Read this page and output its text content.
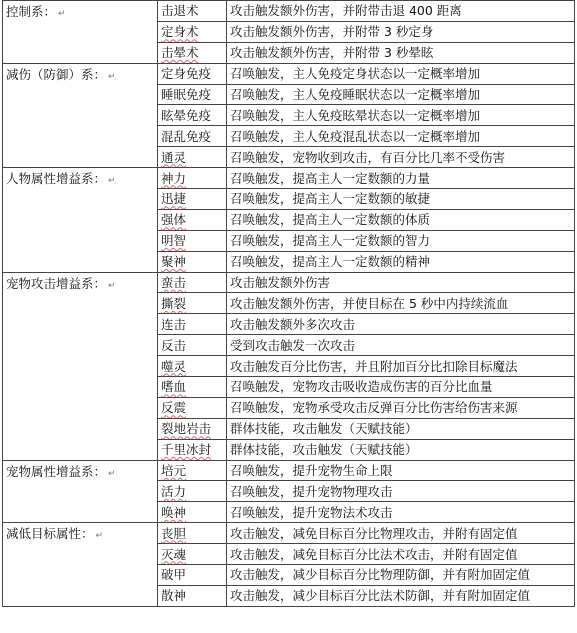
控制系： ↵	击退术	攻击触发额外伤害，并附带击退 400 距离
	定身术	攻击触发额外伤害，并附带 3 秒定身
	击晕术	攻击触发额外伤害，并附带 3 秒晕眩
减伤（防御）系： ↵	定身免疫	召唤触发，主人免疫定身状态以一定概率增加
	睡眠免疫	召唤触发，主人免疫睡眠状态以一定概率增加
	眩晕免疫	召唤触发，主人免疫眩晕状态以一定概率增加
	混乱免疫	召唤触发，主人免疫混乱状态以一定概率增加
	通灵	召唤触发，宠物收到攻击，有百分比几率不受伤害
人物属性增益系： ↵	神力	召唤触发，提高主人一定数额的力量
	迅捷	召唤触发，提高主人一定数额的敏捷
	强体	召唤触发，提高主人一定数额的体质
	明智	召唤触发，提高主人一定数额的智力
	聚神	召唤触发，提高主人一定数额的精神
宠物攻击增益系： ↵	蛮击	攻击触发额外伤害
	撕裂	攻击触发额外伤害，并使目标在 5 秒中内持续流血
	连击	攻击触发额外多次攻击
	反击	受到攻击触发一次攻击
	噬灵	攻击触发百分比伤害，并且附加百分比扣除目标魔法
	嗜血	召唤触发，宠物攻击吸收造成伤害的百分比血量
	反震	召唤触发，宠物承受攻击反弹百分比伤害给伤害来源
	裂地岩击	群体技能，攻击触发（天赋技能）
	千里冰封	群体技能，攻击触发（天赋技能）
宠物属性增益系： ↵	培元	召唤触发，提升宠物生命上限
	活力	召唤触发，提升宠物物理攻击
	唤神	召唤触发，提升宠物法术攻击
减低目标属性： ↵	丧胆	攻击触发，减免目标百分比物理攻击，并附有固定值
	灭魂	攻击触发，减免目标百分比法术攻击，并附有固定值
	破甲	攻击触发，减少目标百分比物理防御，并有附加固定值
	散神	攻击触发，减少目标百分比法术防御，并有附加固定值
